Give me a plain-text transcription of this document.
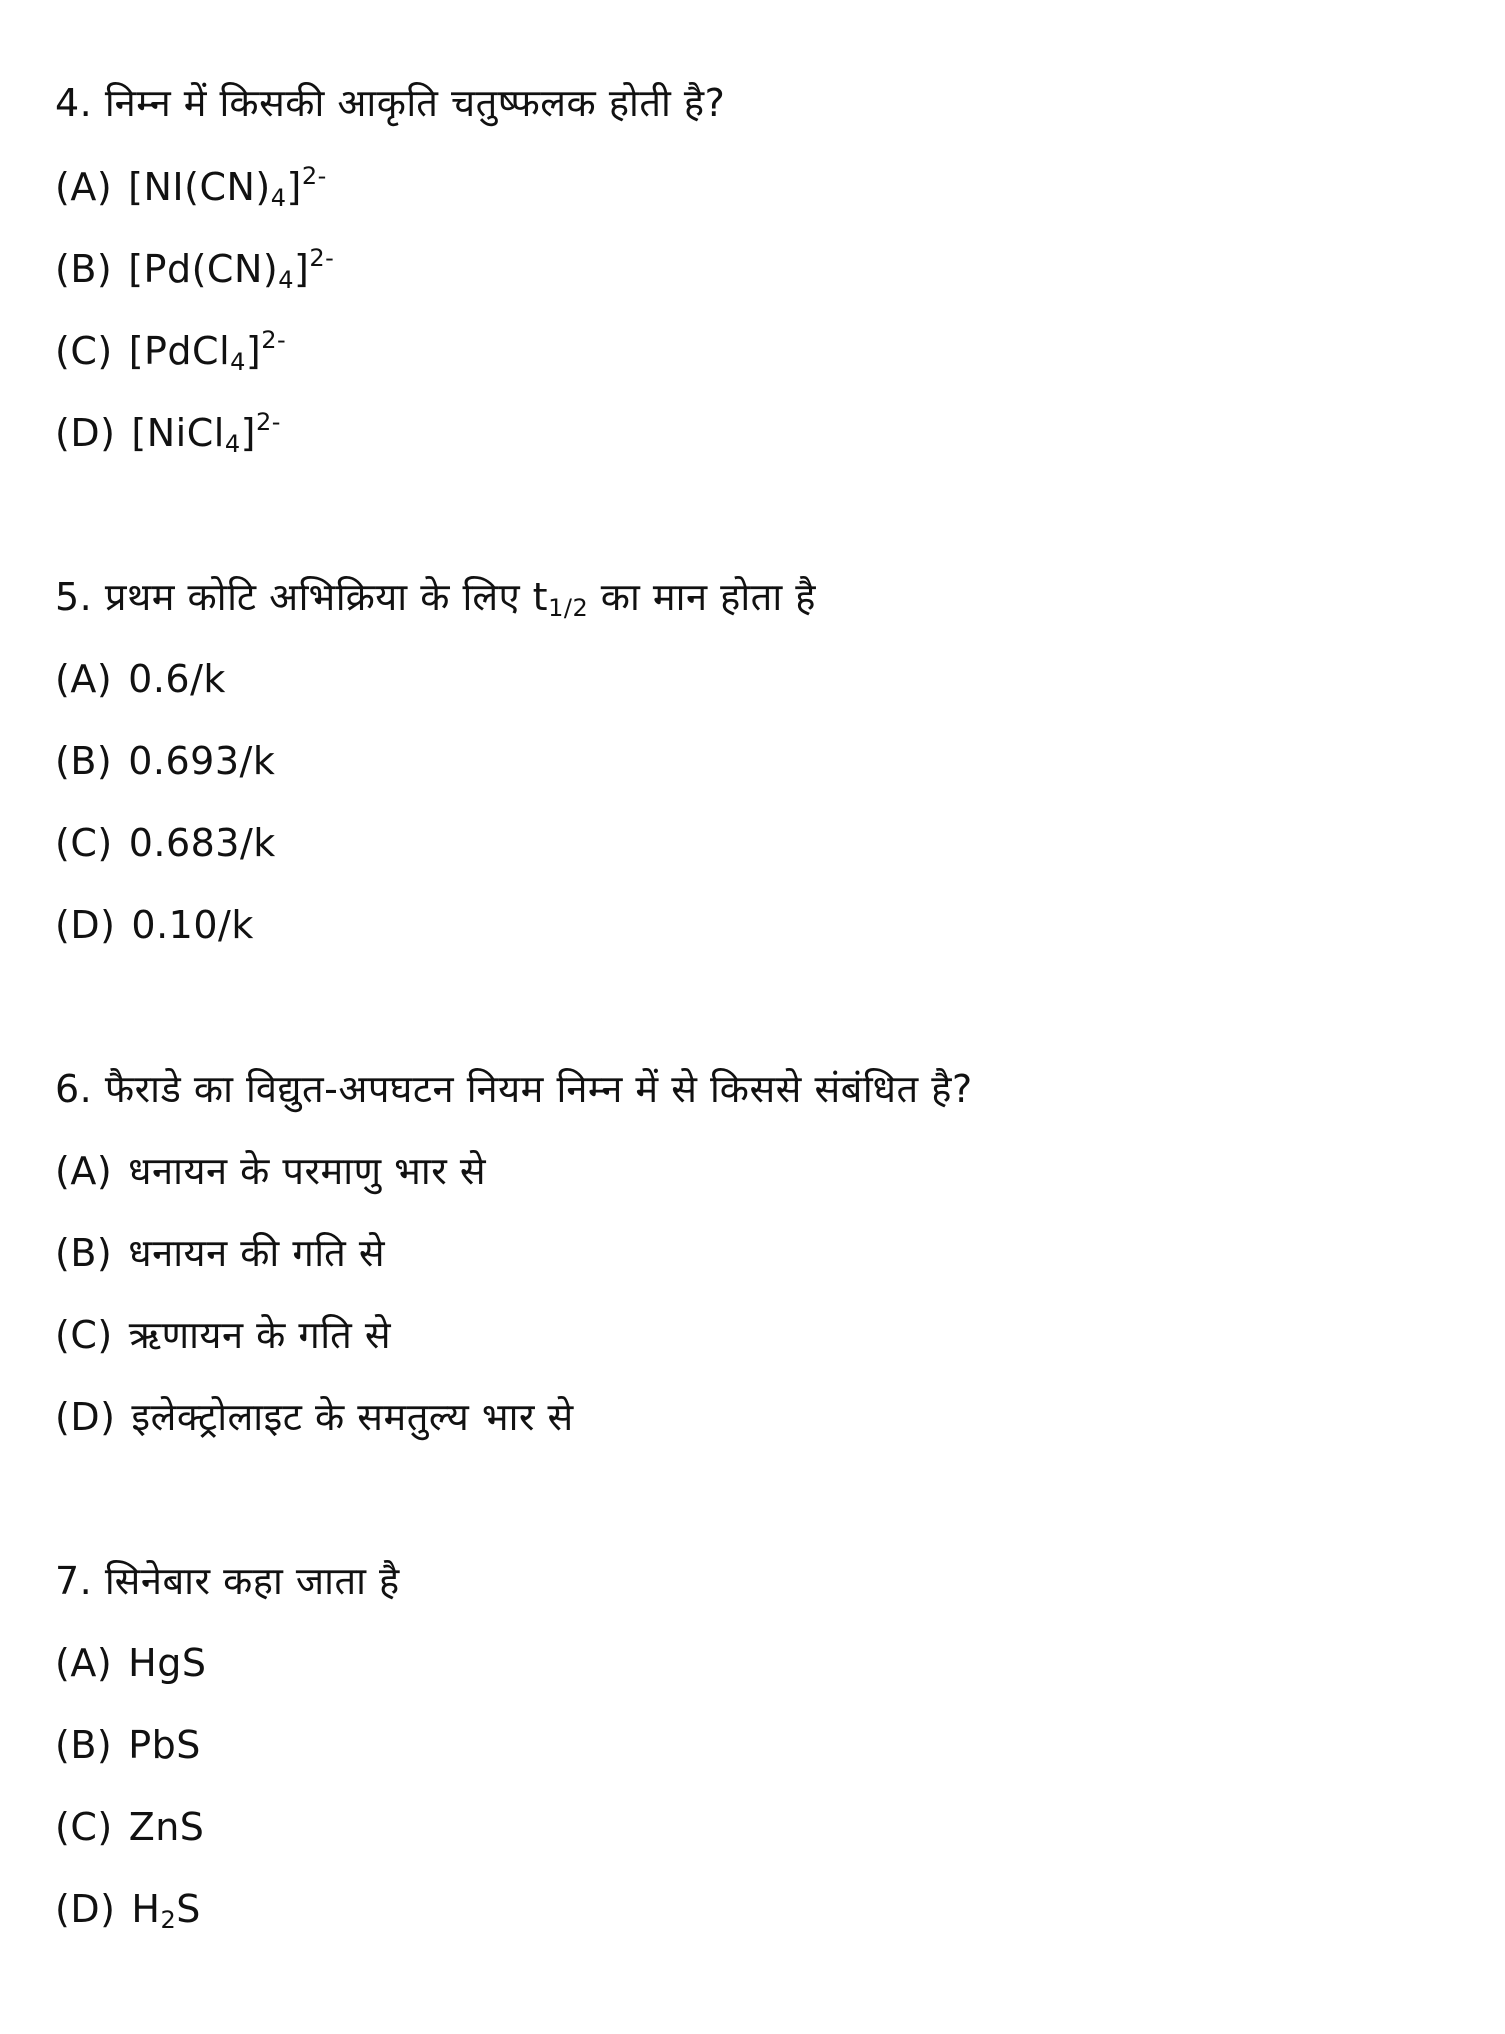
4. निम्न में किसकी आकृति चतुष्फलक होती है?
(A) $[NI(CN)_4]^{2-}$
(B) $[Pd(CN)_4]^{2-}$
(C) [PdCl$_4$]$^{2-}$
(D) [NiCl$_4$]$^{2-}$
5. प्रथम कोटि अभिक्रिया के लिए $t_{1/2}$ का मान होता है
(A) 0.6/k
(B) 0.693/k
(C) 0.683/k
(D) 0.10/k
6. फैराडे का विद्युत-अपघटन नियम निम्न में से किससे संबंधित है?
(A) धनायन के परमाणु भार से
(B) धनायन की गति से
(C) ऋणायन के गति से
(D) इलेक्ट्रोलाइट के समतुल्य भार से
7. सिनेबार कहा जाता है
(A) HgS
(B) PbS
(C) ZnS
(D) $H_2S$
